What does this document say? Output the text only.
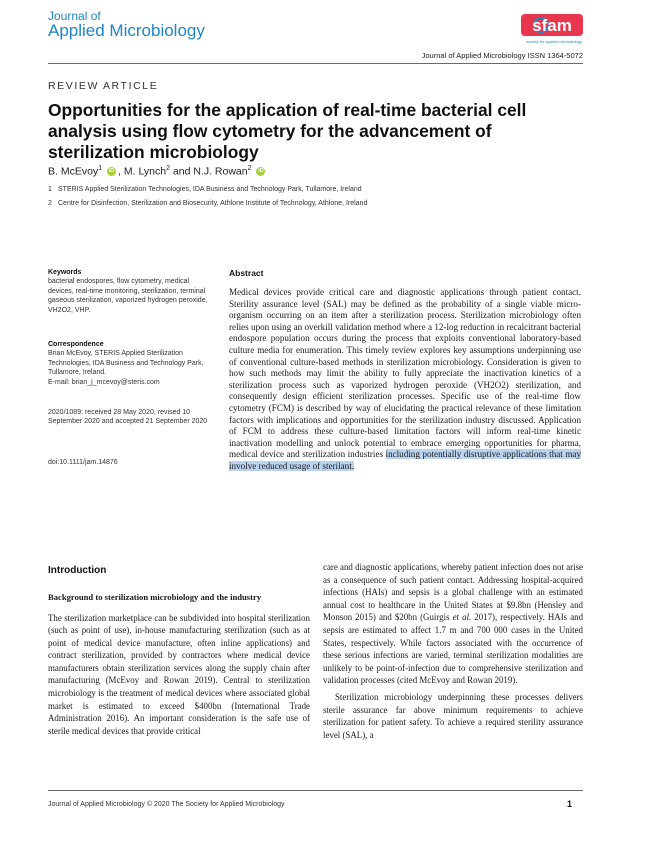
Journal of
Applied Microbiology	sfam
society for applied microbiology
Journal of Applied Microbiology ISSN 1364-5072
REVIEW ARTICLE
Opportunities for the application of real-time bacterial cell analysis using flow cytometry for the advancement of sterilization microbiology
B. McEvoy$^1$ iD , M. Lynch$^2$ and N.J. Rowan$^2$ iD
1 STERIS Applied Sterilization Technologies, IDA Business and Technology Park, Tullamore, Ireland
2 Centre for Disinfection, Sterilization and Biosecurity, Athlone Institute of Technology, Athlone, Ireland
Keywords

bacterial endospores, flow cytometry, medical devices, real-time monitoring, sterilization, terminal gaseous sterilization, vaporized hydrogen peroxide, VH2O2, VHP.

Correspondence

Brian McEvoy, STERIS Applied Sterilization Technologies, IDA Business and Technology Park, Tullamore, Ireland.

E-mail: brian_j_mcevoy@steris.com

2020/1089: received 28 May 2020, revised 10 September 2020 and accepted 21 September 2020
doi:10.1111/jam.14876
Abstract

Medical devices provide critical care and diagnostic applications through patient contact. Sterility assurance level (SAL) may be defined as the probability of a single viable micro-organism occurring on an item after a sterilization process. Sterilization microbiology often relies upon using an overkill validation method where a 12-log reduction in recalcitrant bacterial endospore population occurs during the process that exploits conventional laboratory-based culture media for enumeration. This timely review explores key assumptions underpinning use of conventional culture-based methods in sterilization microbiology. Consideration is given to how such methods may limit the ability to fully appreciate the inactivation kinetics of a sterilization process such as vaporized hydrogen peroxide (VH2O2) sterilization, and consequently design efficient sterilization processes. Specific use of the real-time flow cytometry (FCM) is described by way of elucidating the practical relevance of these limitation factors with implications and opportunities for the sterilization industry discussed. Application of FCM to address these culture-based limitation factors will inform real-time kinetic inactivation modelling and unlock potential to embrace emerging opportunities for pharma, medical device and sterilization industries including potentially disruptive applications that may involve reduced usage of sterilant.

Introduction
Background to sterilization microbiology and the industry

The sterilization marketplace can be subdivided into hospital sterilization (such as point of use), in-house manufacturing sterilization (such as at point of medical device manufacture, often inline applications) and contract sterilization, provided by contractors where medical device manufacturers obtain sterilization services along the supply chain after manufacturing (McEvoy and Rowan 2019). Central to sterilization microbiology is the treatment of medical devices where associated global market is estimated to exceed $400bn (International Trade Administration 2016). An important consideration is the safe use of sterile medical devices that provide critical

care and diagnostic applications, whereby patient infection does not arise as a consequence of such patient contact. Addressing hospital-acquired infections (HAIs) and sepsis is a global challenge with an estimated annual cost to healthcare in the United States at $9.8bn (Hensley and Monson 2015) and $20bn (Guirgis et al. 2017), respectively. HAIs and sepsis are estimated to affect 1.7 m and 700 000 cases in the United States, respectively. While factors associated with the occurrence of these serious infections are varied, terminal sterilization modalities are unlikely to be point-of-infection due to comprehensive sterilization and validation processes (cited McEvoy and Rowan 2019).

Sterilization microbiology underpinning these processes delivers sterile assurance far above minimum requirements to achieve sterilization for patient safety. To achieve a required sterility assurance level (SAL), a

Journal of Applied Microbiology © 2020 The Society for Applied Microbiology	1
